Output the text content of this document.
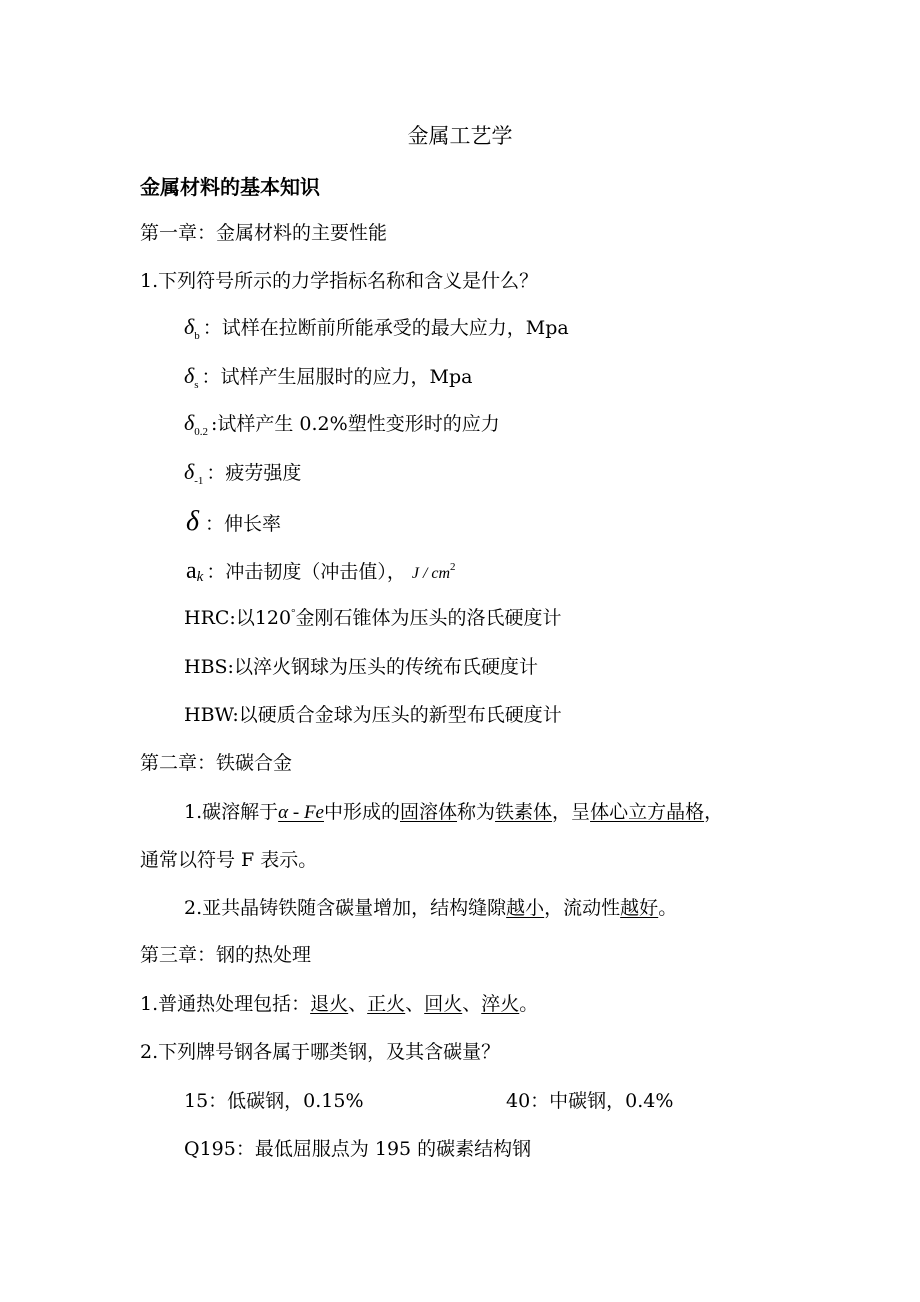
金属工艺学
金属材料的基本知识
第一章：金属材料的主要性能
1.下列符号所示的力学指标名称和含义是什么？
$\delta_b$ ：试样在拉断前所能承受的最大应力，Mpa
$\delta_s$ ：试样产生屈服时的应力，Mpa
$\delta_{0.2}$ :试样产生 0.2%塑性变形时的应力
$\delta_{-1}$ ：疲劳强度
δ ：伸长率
ak ：冲击韧度（冲击值）， J / $cm^2$
HRC:以120°金刚石锥体为压头的洛氏硬度计
HBS:以淬火钢球为压头的传统布氏硬度计
HBW:以硬质合金球为压头的新型布氏硬度计
第二章：铁碳合金
1.碳溶解于α - Fe中形成的固溶体称为铁素体，呈体心立方晶格，
通常以符号 F 表示。
2.亚共晶铸铁随含碳量增加，结构缝隙越小，流动性越好。
第三章：钢的热处理
1.普通热处理包括：退火、正火、回火、淬火。
2.下列牌号钢各属于哪类钢，及其含碳量？
15：低碳钢，0.15%	40：中碳钢，0.4%
Q195：最低屈服点为 195 的碳素结构钢
